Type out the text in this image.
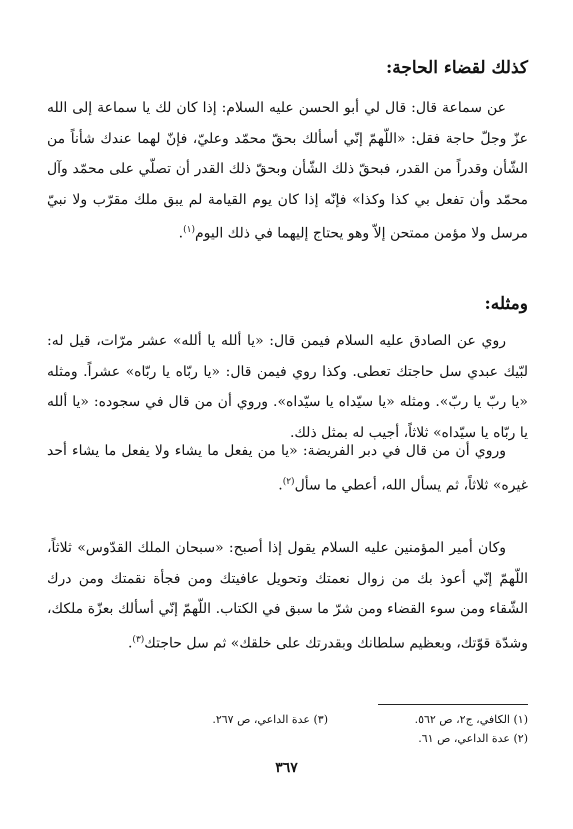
كذلك لقضاء الحاجة:
عن سماعة قال: قال لي أبو الحسن عليه السلام: إذا كان لك يا سماعة إلى الله عزّ وجلّ حاجة فقل: «اللّهمّ إنّي أسألك بحقّ محمّد وعليّ، فإنّ لهما عندك شأناً من الشّأن وقدراً من القدر، فبحقّ ذلك الشّأن وبحقّ ذلك القدر أن تصلّي على محمّد وآل محمّد وأن تفعل بي كذا وكذا» فإنّه إذا كان يوم القيامة لم يبق ملك مقرّب ولا نبيّ مرسل ولا مؤمن ممتحن إلاّ وهو يحتاج إليهما في ذلك اليوم$^{(١)}$.
ومثله:
روي عن الصادق عليه السلام فيمن قال: «يا ألله يا ألله» عشر مرّات، قيل له: لبّيك عبدي سل حاجتك تعطى. وكذا روي فيمن قال: «يا ربّاه يا ربّاه» عشراً. ومثله «يا ربّ يا ربّ». ومثله «يا سيّداه يا سيّداه». وروي أن من قال في سجوده: «يا ألله يا ربّاه يا سيّداه» ثلاثاً، أجيب له بمثل ذلك.
وروي أن من قال في دبر الفريضة: «يا من يفعل ما يشاء ولا يفعل ما يشاء أحد غيره» ثلاثاً، ثم يسأل الله، أعطي ما سأل$^{(٢)}$.
وكان أمير المؤمنين عليه السلام يقول إذا أصبح: «سبحان الملك القدّوس» ثلاثاً، اللّهمّ إنّي أعوذ بك من زوال نعمتك وتحويل عافيتك ومن فجأة نقمتك ومن درك الشّقاء ومن سوء القضاء ومن شرّ ما سبق في الكتاب. اللّهمّ إنّي أسألك بعزّة ملكك، وشدّة قوّتك، وبعظيم سلطانك وبقدرتك على خلقك» ثم سل حاجتك$^{(٣)}$.
(١) الكافي، ج٢، ص ٥٦٢.
(٣) عدة الداعي، ص ٢٦٧.
(٢) عدة الداعي، ص ٦١.
٣٦٧
